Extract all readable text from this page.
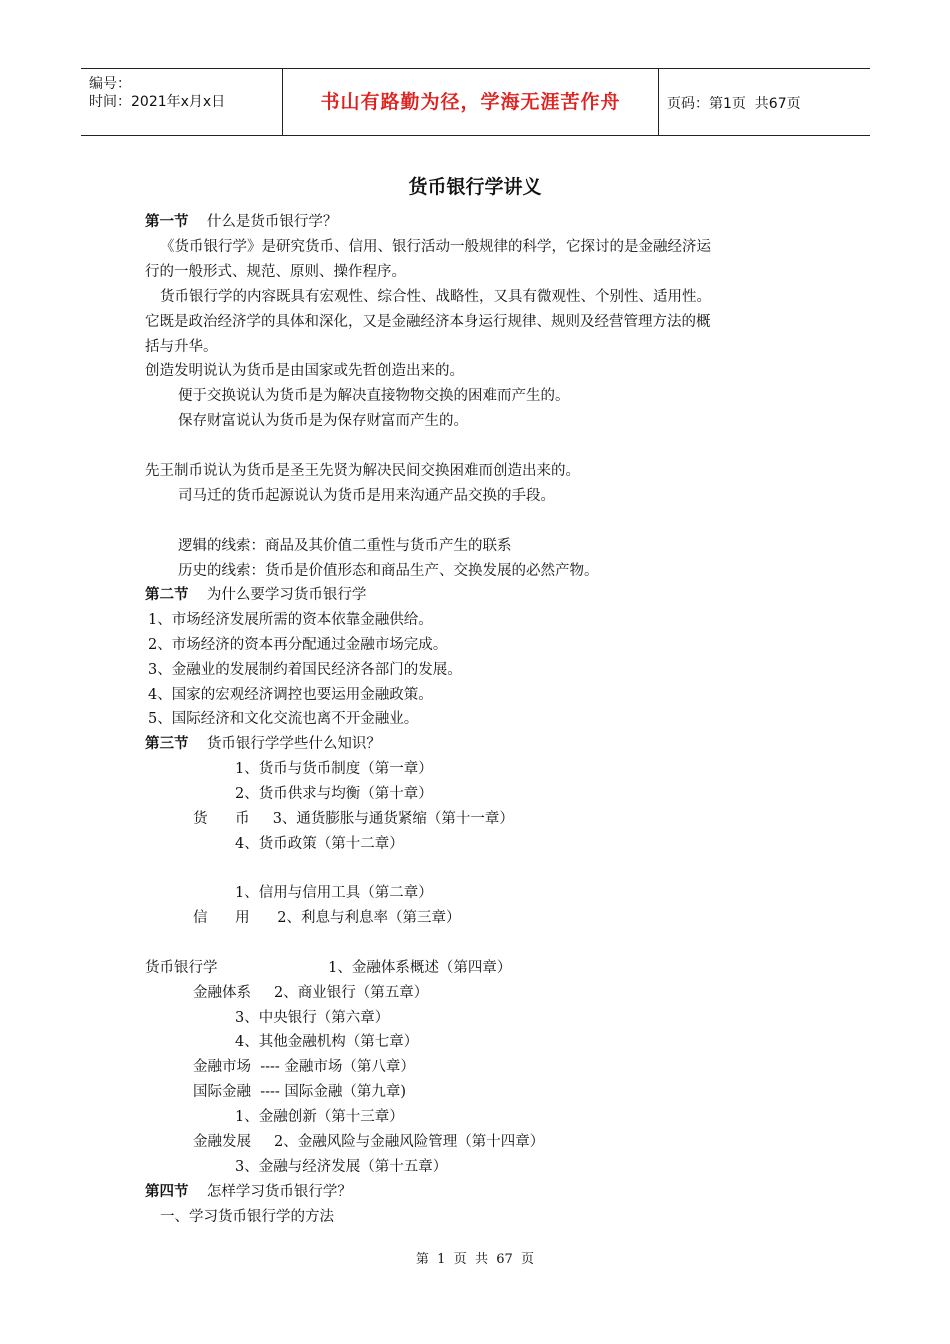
编号：
时间：2021年x月x日	书山有路勤为径，学海无涯苦作舟	页码：第1页  共67页
货币银行学讲义
第一节    什么是货币银行学？
《货币银行学》是研究货币、信用、银行活动一般规律的科学，它探讨的是金融经济运
行的一般形式、规范、原则、操作程序。
货币银行学的内容既具有宏观性、综合性、战略性，又具有微观性、个别性、适用性。
它既是政治经济学的具体和深化，又是金融经济本身运行规律、规则及经营管理方法的概
括与升华。
创造发明说认为货币是由国家或先哲创造出来的。
便于交换说认为货币是为解决直接物物交换的困难而产生的。
保存财富说认为货币是为保存财富而产生的。
先王制币说认为货币是圣王先贤为解决民间交换困难而创造出来的。
司马迁的货币起源说认为货币是用来沟通产品交换的手段。
逻辑的线索：商品及其价值二重性与货币产生的联系
历史的线索：货币是价值形态和商品生产、交换发展的必然产物。
第二节    为什么要学习货币银行学
1、市场经济发展所需的资本依靠金融供给。
2、市场经济的资本再分配通过金融市场完成。
3、金融业的发展制约着国民经济各部门的发展。
4、国家的宏观经济调控也要运用金融政策。
5、国际经济和文化交流也离不开金融业。
第三节    货币银行学学些什么知识？
1、货币与货币制度（第一章）
2、货币供求与均衡（第十章）
货      币     3、通货膨胀与通货紧缩（第十一章）
4、货币政策（第十二章）
1、信用与信用工具（第二章）
信      用      2、利息与利息率（第三章）
货币银行学                        1、金融体系概述（第四章）
金融体系     2、商业银行（第五章）
3、中央银行（第六章）
4、其他金融机构（第七章）
金融市场  ---- 金融市场（第八章）
国际金融  ---- 国际金融（第九章)
1、金融创新（第十三章）
金融发展     2、金融风险与金融风险管理（第十四章）
3、金融与经济发展（第十五章）
第四节    怎样学习货币银行学？
一、学习货币银行学的方法
第  1  页  共  67  页
